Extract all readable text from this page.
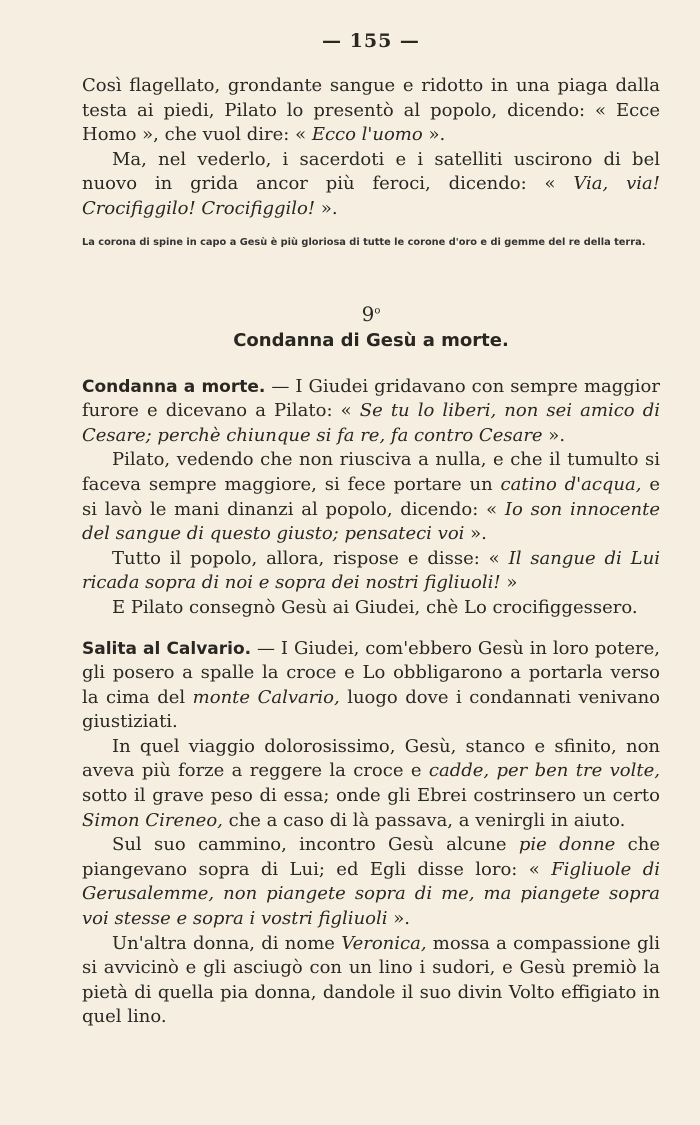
— 155 —

Così flagellato, grondante sangue e ridotto in una piaga dalla testa ai piedi, Pilato lo presentò al popolo, dicendo: « Ecce Homo », che vuol dire: « Ecco l'uomo ».

Ma, nel vederlo, i sacerdoti e i satelliti uscirono di bel nuovo in grida ancor più feroci, dicendo: « Via, via! Crocifiggilo! Crocifiggilo! ».

La corona di spine in capo a Gesù è più gloriosa di tutte le corone d'oro e di gemme del re della terra.

9$^o$
Condanna di Gesù a morte.

Condanna a morte. — I Giudei gridavano con sempre maggior furore e dicevano a Pilato: « Se tu lo liberi, non sei amico di Cesare; perchè chiunque si fa re, fa contro Cesare ».

Pilato, vedendo che non riusciva a nulla, e che il tumulto si faceva sempre maggiore, si fece portare un catino d'acqua, e si lavò le mani dinanzi al popolo, dicendo: « Io son innocente del sangue di questo giusto; pensateci voi ».

Tutto il popolo, allora, rispose e disse: « Il sangue di Lui ricada sopra di noi e sopra dei nostri figliuoli! »

E Pilato consegnò Gesù ai Giudei, chè Lo crocifiggessero.

Salita al Calvario. — I Giudei, com'ebbero Gesù in loro potere, gli posero a spalle la croce e Lo obbligarono a portarla verso la cima del monte Calvario, luogo dove i condannati venivano giustiziati.

In quel viaggio dolorosissimo, Gesù, stanco e sfinito, non aveva più forze a reggere la croce e cadde, per ben tre volte, sotto il grave peso di essa; onde gli Ebrei costrinsero un certo Simon Cireneo, che a caso di là passava, a venirgli in aiuto.

Sul suo cammino, incontro Gesù alcune pie donne che piangevano sopra di Lui; ed Egli disse loro: « Figliuole di Gerusalemme, non piangete sopra di me, ma piangete sopra voi stesse e sopra i vostri figliuoli ».

Un'altra donna, di nome Veronica, mossa a compassione gli si avvicinò e gli asciugò con un lino i sudori, e Gesù premiò la pietà di quella pia donna, dandole il suo divin Volto effigiato in quel lino.
